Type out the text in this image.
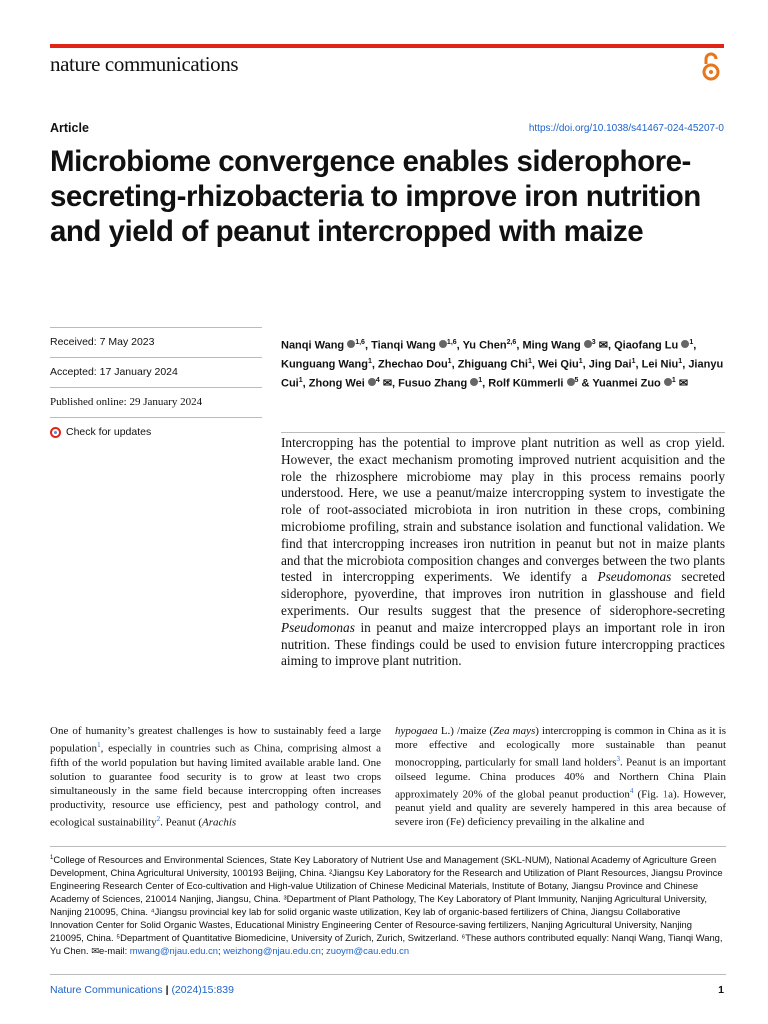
nature communications
Article	https://doi.org/10.1038/s41467-024-45207-0
Microbiome convergence enables siderophore-secreting-rhizobacteria to improve iron nutrition and yield of peanut intercropped with maize
Received: 7 May 2023
Accepted: 17 January 2024
Published online: 29 January 2024
Check for updates
Nanqi Wang $^{1,6}$, Tianqi Wang $^{1,6}$, Yu Chen$^{2,6}$, Ming Wang $^3$ ✉, Qiaofang Lu $^1$, Kunguang Wang$^1$, Zhechao Dou$^1$, Zhiguang Chi$^1$, Wei Qiu$^1$, Jing Dai$^1$, Lei Niu$^1$, Jianyu Cui$^1$, Zhong Wei $^4$ ✉, Fusuo Zhang $^1$, Rolf Kümmerli $^5$ & Yuanmei Zuo $^1$ ✉
Intercropping has the potential to improve plant nutrition as well as crop yield. However, the exact mechanism promoting improved nutrient acquisition and the role the rhizosphere microbiome may play in this process remains poorly understood. Here, we use a peanut/maize intercropping system to investigate the role of root-associated microbiota in iron nutrition in these crops, combining microbiome profiling, strain and substance isolation and functional validation. We find that intercropping increases iron nutrition in peanut but not in maize plants and that the microbiota composition changes and converges between the two plants tested in intercropping experiments. We identify a Pseudomonas secreted siderophore, pyoverdine, that improves iron nutrition in glasshouse and field experiments. Our results suggest that the presence of siderophore-secreting Pseudomonas in peanut and maize intercropped plays an important role in iron nutrition. These findings could be used to envision future intercropping practices aiming to improve plant nutrition.
One of humanity’s greatest challenges is how to sustainably feed a large population$^1$, especially in countries such as China, comprising almost a fifth of the world population but having limited available arable land. One solution to guarantee food security is to grow at least two crops simultaneously in the same field because intercropping often increases productivity, resource use efficiency, pest and pathology control, and ecological sustainability$^2$. Peanut (Arachis
hypogaea L.) /maize (Zea mays) intercropping is common in China as it is more effective and ecologically more sustainable than peanut monocropping, particularly for small land holders$^3$. Peanut is an important oilseed legume. China produces 40% and Northern China Plain approximately 20% of the global peanut production$^4$ (Fig. 1a). However, peanut yield and quality are severely hampered in this area because of severe iron (Fe) deficiency prevailing in the alkaline and
$^1$College of Resources and Environmental Sciences, State Key Laboratory of Nutrient Use and Management (SKL-NUM), National Academy of Agriculture Green Development, China Agricultural University, 100193 Beijing, China. ²Jiangsu Key Laboratory for the Research and Utilization of Plant Resources, Jiangsu Province Engineering Research Center of Eco-cultivation and High-value Utilization of Chinese Medicinal Materials, Institute of Botany, Jiangsu Province and Chinese Academy of Sciences, 210014 Nanjing, Jiangsu, China. ³Department of Plant Pathology, The Key Laboratory of Plant Immunity, Nanjing Agricultural University, Nanjing 210095, China. ⁴Jiangsu provincial key lab for solid organic waste utilization, Key lab of organic-based fertilizers of China, Jiangsu Collaborative Innovation Center for Solid Organic Wastes, Educational Ministry Engineering Center of Resource-saving fertilizers, Nanjing Agricultural University, Nanjing 210095, China. ⁵Department of Quantitative Biomedicine, University of Zurich, Zurich, Switzerland. ⁶These authors contributed equally: Nanqi Wang, Tianqi Wang, Yu Chen. ✉e-mail: mwang@njau.edu.cn; weizhong@njau.edu.cn; zuoym@cau.edu.cn
Nature Communications | (2024)15:839	1
